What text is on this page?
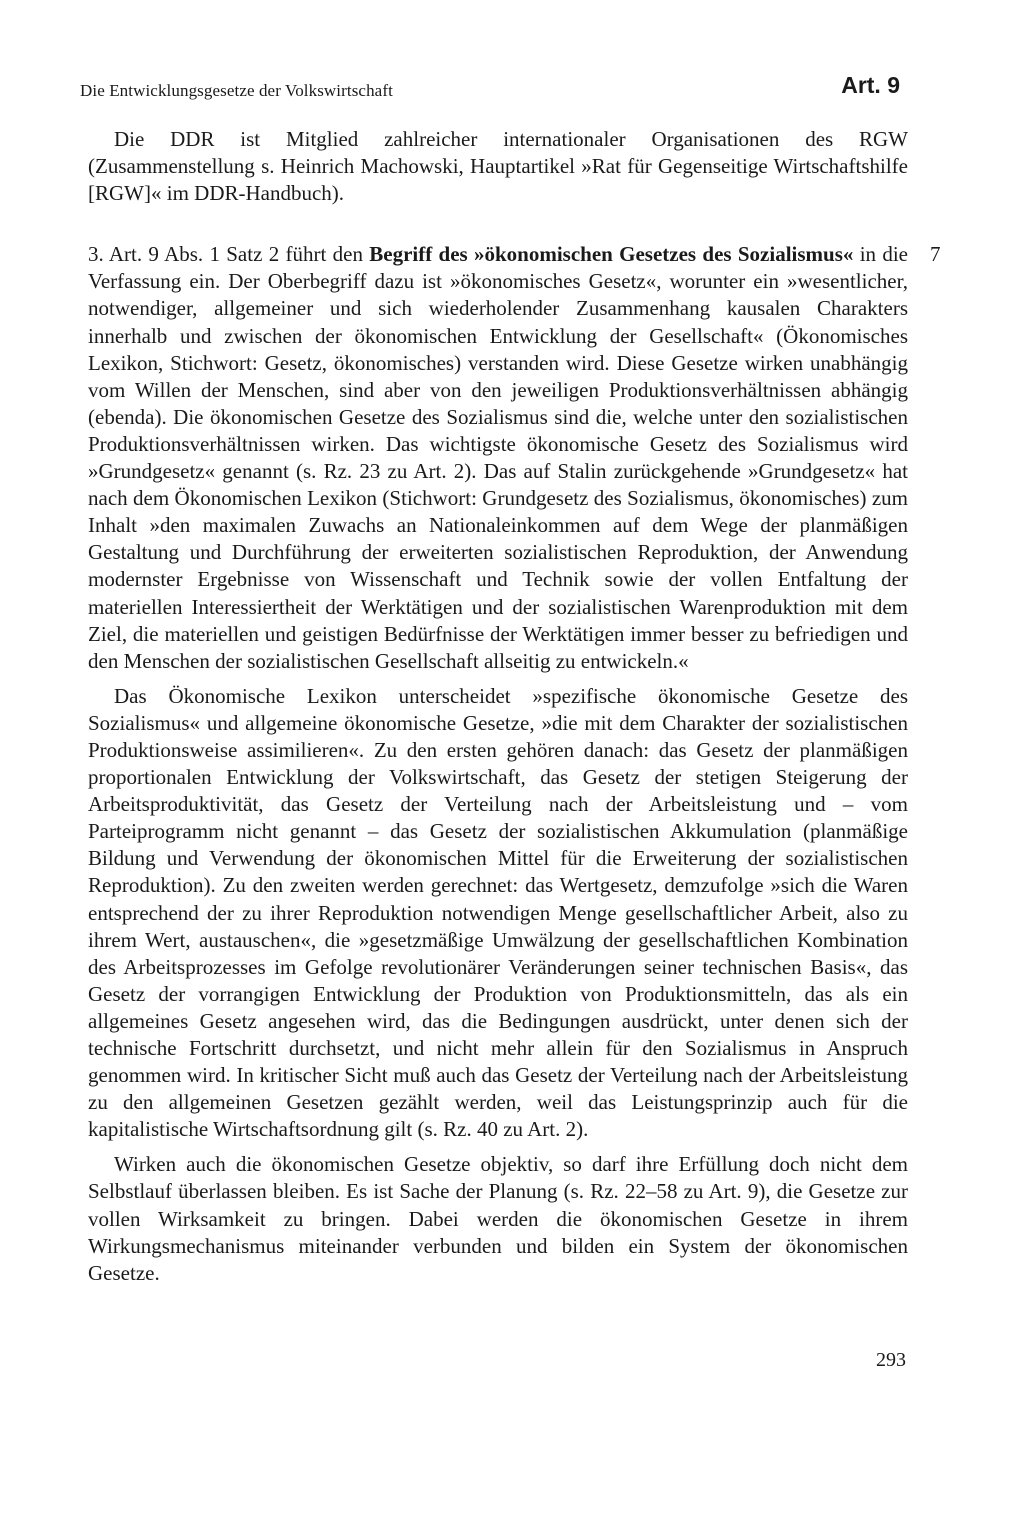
Die Entwicklungsgesetze der Volkswirtschaft	Art. 9
7

Die DDR ist Mitglied zahlreicher internationaler Organisationen des RGW (Zusammenstellung s. Heinrich Machowski, Hauptartikel »Rat für Gegenseitige Wirtschaftshilfe [RGW]« im DDR-Handbuch).

3. Art. 9 Abs. 1 Satz 2 führt den Begriff des »ökonomischen Gesetzes des Sozialismus« in die Verfassung ein. Der Oberbegriff dazu ist »ökonomisches Gesetz«, worunter ein »wesentlicher, notwendiger, allgemeiner und sich wiederholender Zusammenhang kausalen Charakters innerhalb und zwischen der ökonomischen Entwicklung der Gesellschaft« (Ökonomisches Lexikon, Stichwort: Gesetz, ökonomisches) verstanden wird. Diese Gesetze wirken unabhängig vom Willen der Menschen, sind aber von den jeweiligen Produktionsverhältnissen abhängig (ebenda). Die ökonomischen Gesetze des Sozialismus sind die, welche unter den sozialistischen Produktionsverhältnissen wirken. Das wichtigste ökonomische Gesetz des Sozialismus wird »Grundgesetz« genannt (s. Rz. 23 zu Art. 2). Das auf Stalin zurückgehende »Grundgesetz« hat nach dem Ökonomischen Lexikon (Stichwort: Grundgesetz des Sozialismus, ökonomisches) zum Inhalt »den maximalen Zuwachs an Nationaleinkommen auf dem Wege der planmäßigen Gestaltung und Durchführung der erweiterten sozialistischen Reproduktion, der Anwendung modernster Ergebnisse von Wissenschaft und Technik sowie der vollen Entfaltung der materiellen Interessiertheit der Werktätigen und der sozialistischen Warenproduktion mit dem Ziel, die materiellen und geistigen Bedürfnisse der Werktätigen immer besser zu befriedigen und den Menschen der sozialistischen Gesellschaft allseitig zu entwickeln.«

Das Ökonomische Lexikon unterscheidet »spezifische ökonomische Gesetze des Sozialismus« und allgemeine ökonomische Gesetze, »die mit dem Charakter der sozialistischen Produktionsweise assimilieren«. Zu den ersten gehören danach: das Gesetz der planmäßigen proportionalen Entwicklung der Volkswirtschaft, das Gesetz der stetigen Steigerung der Arbeitsproduktivität, das Gesetz der Verteilung nach der Arbeitsleistung und – vom Parteiprogramm nicht genannt – das Gesetz der sozialistischen Akkumulation (planmäßige Bildung und Verwendung der ökonomischen Mittel für die Erweiterung der sozialistischen Reproduktion). Zu den zweiten werden gerechnet: das Wertgesetz, demzufolge »sich die Waren entsprechend der zu ihrer Reproduktion notwendigen Menge gesellschaftlicher Arbeit, also zu ihrem Wert, austauschen«, die »gesetzmäßige Umwälzung der gesellschaftlichen Kombination des Arbeitsprozesses im Gefolge revolutionärer Veränderungen seiner technischen Basis«, das Gesetz der vorrangigen Entwicklung der Produktion von Produktionsmitteln, das als ein allgemeines Gesetz angesehen wird, das die Bedingungen ausdrückt, unter denen sich der technische Fortschritt durchsetzt, und nicht mehr allein für den Sozialismus in Anspruch genommen wird. In kritischer Sicht muß auch das Gesetz der Verteilung nach der Arbeitsleistung zu den allgemeinen Gesetzen gezählt werden, weil das Leistungsprinzip auch für die kapitalistische Wirtschaftsordnung gilt (s. Rz. 40 zu Art. 2).

Wirken auch die ökonomischen Gesetze objektiv, so darf ihre Erfüllung doch nicht dem Selbstlauf überlassen bleiben. Es ist Sache der Planung (s. Rz. 22–58 zu Art. 9), die Gesetze zur vollen Wirksamkeit zu bringen. Dabei werden die ökonomischen Gesetze in ihrem Wirkungsmechanismus miteinander verbunden und bilden ein System der ökonomischen Gesetze.

293
